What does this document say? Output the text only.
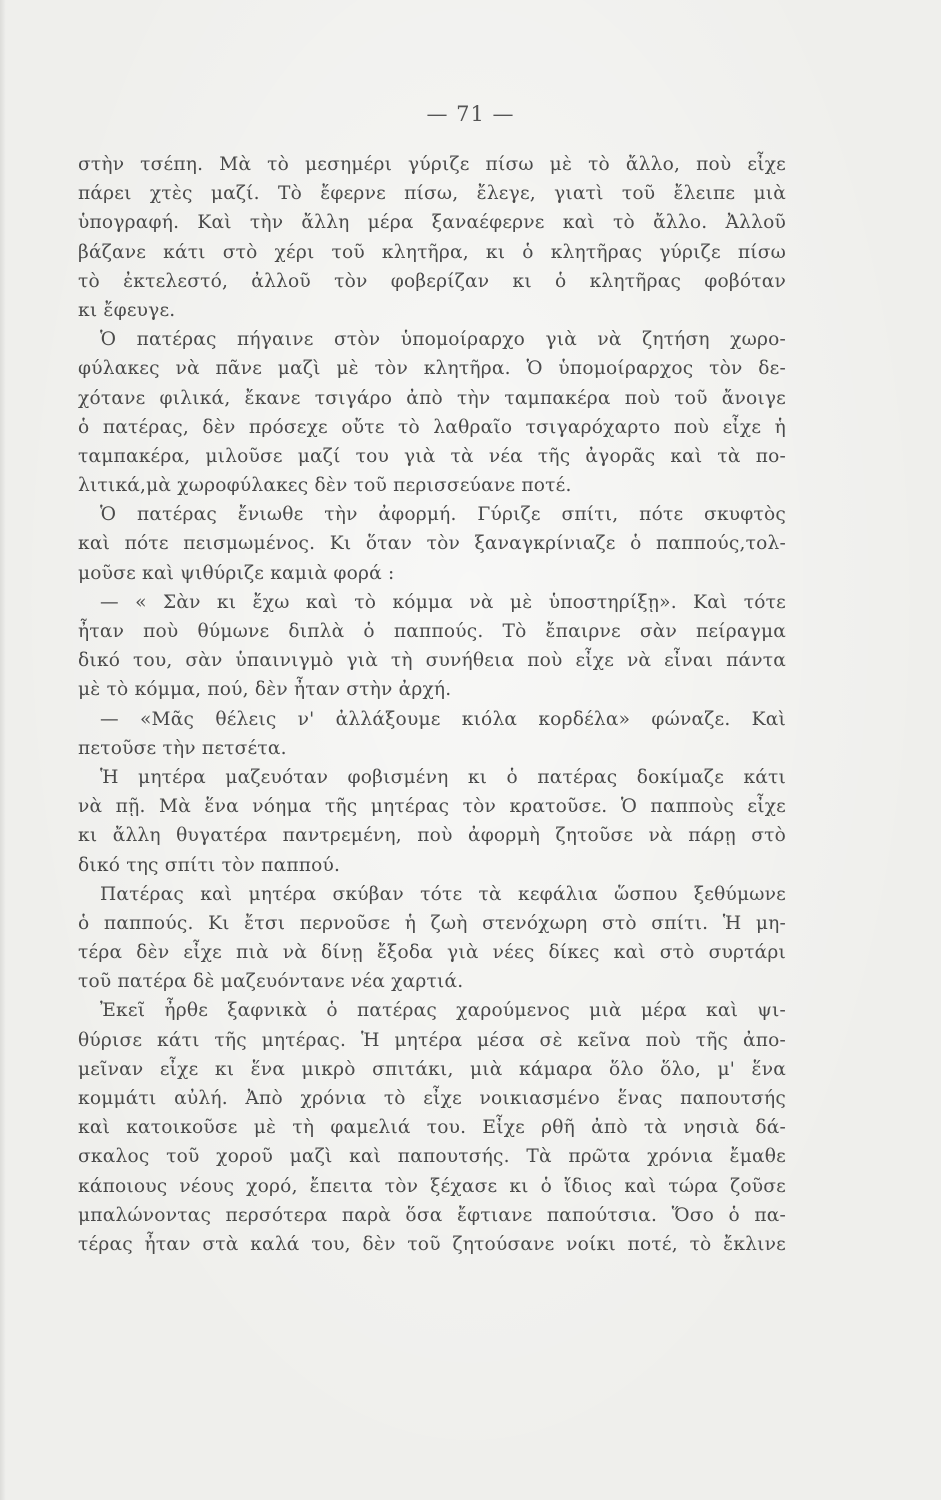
— 71 —
στὴν τσέπη. Μὰ τὸ μεσημέρι γύριζε πίσω μὲ τὸ ἄλλο, ποὺ εἶχε
πάρει χτὲς μαζί. Τὸ ἔφερνε πίσω, ἔλεγε, γιατὶ τοῦ ἔλειπε μιὰ
ὑπογραφή. Καὶ τὴν ἄλλη μέρα ξαναέφερνε καὶ τὸ ἄλλο. Ἀλλοῦ
βάζανε κάτι στὸ χέρι τοῦ κλητῆρα, κι ὁ κλητῆρας γύριζε πίσω
τὸ ἐκτελεστό, ἀλλοῦ τὸν φοβερίζαν κι ὁ κλητῆρας φοβόταν
κι ἔφευγε.
Ὁ πατέρας πήγαινε στὸν ὑπομοίραρχο γιὰ νὰ ζητήση χωρο-
φύλακες νὰ πᾶνε μαζὶ μὲ τὸν κλητῆρα. Ὁ ὑπομοίραρχος τὸν δε-
χότανε φιλικά, ἔκανε τσιγάρο ἀπὸ τὴν ταμπακέρα ποὺ τοῦ ἄνοιγε
ὁ πατέρας, δὲν πρόσεχε οὔτε τὸ λαθραῖο τσιγαρόχαρτο ποὺ εἶχε ἡ
ταμπακέρα, μιλοῦσε μαζί του γιὰ τὰ νέα τῆς ἀγορᾶς καὶ τὰ πο-
λιτικά,μὰ χωροφύλακες δὲν τοῦ περισσεύανε ποτέ.
Ὁ πατέρας ἔνιωθε τὴν ἀφορμή. Γύριζε σπίτι, πότε σκυφτὸς
καὶ πότε πεισμωμένος. Κι ὅταν τὸν ξαναγκρίνιαζε ὁ παππούς,τολ-
μοῦσε καὶ ψιθύριζε καμιὰ φορά :
— « Σὰν κι ἔχω καὶ τὸ κόμμα νὰ μὲ ὑποστηρίξῃ». Καὶ τότε
ἦταν ποὺ θύμωνε διπλὰ ὁ παππούς. Τὸ ἔπαιρνε σὰν πείραγμα
δικό του, σὰν ὑπαινιγμὸ γιὰ τὴ συνήθεια ποὺ εἶχε νὰ εἶναι πάντα
μὲ τὸ κόμμα, πού, δὲν ἦταν στὴν ἀρχή.
— «Μᾶς θέλεις ν' ἀλλάξουμε κιόλα κορδέλα» φώναζε. Καὶ
πετοῦσε τὴν πετσέτα.
Ἡ μητέρα μαζευόταν φοβισμένη κι ὁ πατέρας δοκίμαζε κάτι
νὰ πῇ. Μὰ ἕνα νόημα τῆς μητέρας τὸν κρατοῦσε. Ὁ παπποὺς εἶχε
κι ἄλλη θυγατέρα παντρεμένη, ποὺ ἀφορμὴ ζητοῦσε νὰ πάρῃ στὸ
δικό της σπίτι τὸν παππού.
Πατέρας καὶ μητέρα σκύβαν τότε τὰ κεφάλια ὥσπου ξεθύμωνε
ὁ παππούς. Κι ἔτσι περνοῦσε ἡ ζωὴ στενόχωρη στὸ σπίτι. Ἡ μη-
τέρα δὲν εἶχε πιὰ νὰ δίνῃ ἔξοδα γιὰ νέες δίκες καὶ στὸ συρτάρι
τοῦ πατέρα δὲ μαζευόντανε νέα χαρτιά.
Ἐκεῖ ἦρθε ξαφνικὰ ὁ πατέρας χαρούμενος μιὰ μέρα καὶ ψι-
θύρισε κάτι τῆς μητέρας. Ἡ μητέρα μέσα σὲ κεῖνα ποὺ τῆς ἀπο-
μεῖναν εἶχε κι ἕνα μικρὸ σπιτάκι, μιὰ κάμαρα ὅλο ὅλο, μ' ἕνα
κομμάτι αὐλή. Ἀπὸ χρόνια τὸ εἶχε νοικιασμένο ἕνας παπουτσής
καὶ κατοικοῦσε μὲ τὴ φαμελιά του. Εἶχε ρθῆ ἀπὸ τὰ νησιὰ δά-
σκαλος τοῦ χοροῦ μαζὶ καὶ παπουτσής. Τὰ πρῶτα χρόνια ἔμαθε
κάποιους νέους χορό, ἔπειτα τὸν ξέχασε κι ὁ ἴδιος καὶ τώρα ζοῦσε
μπαλώνοντας περσότερα παρὰ ὅσα ἔφτιανε παπούτσια. Ὅσο ὁ πα-
τέρας ἦταν στὰ καλά του, δὲν τοῦ ζητούσανε νοίκι ποτέ, τὸ ἔκλινε
